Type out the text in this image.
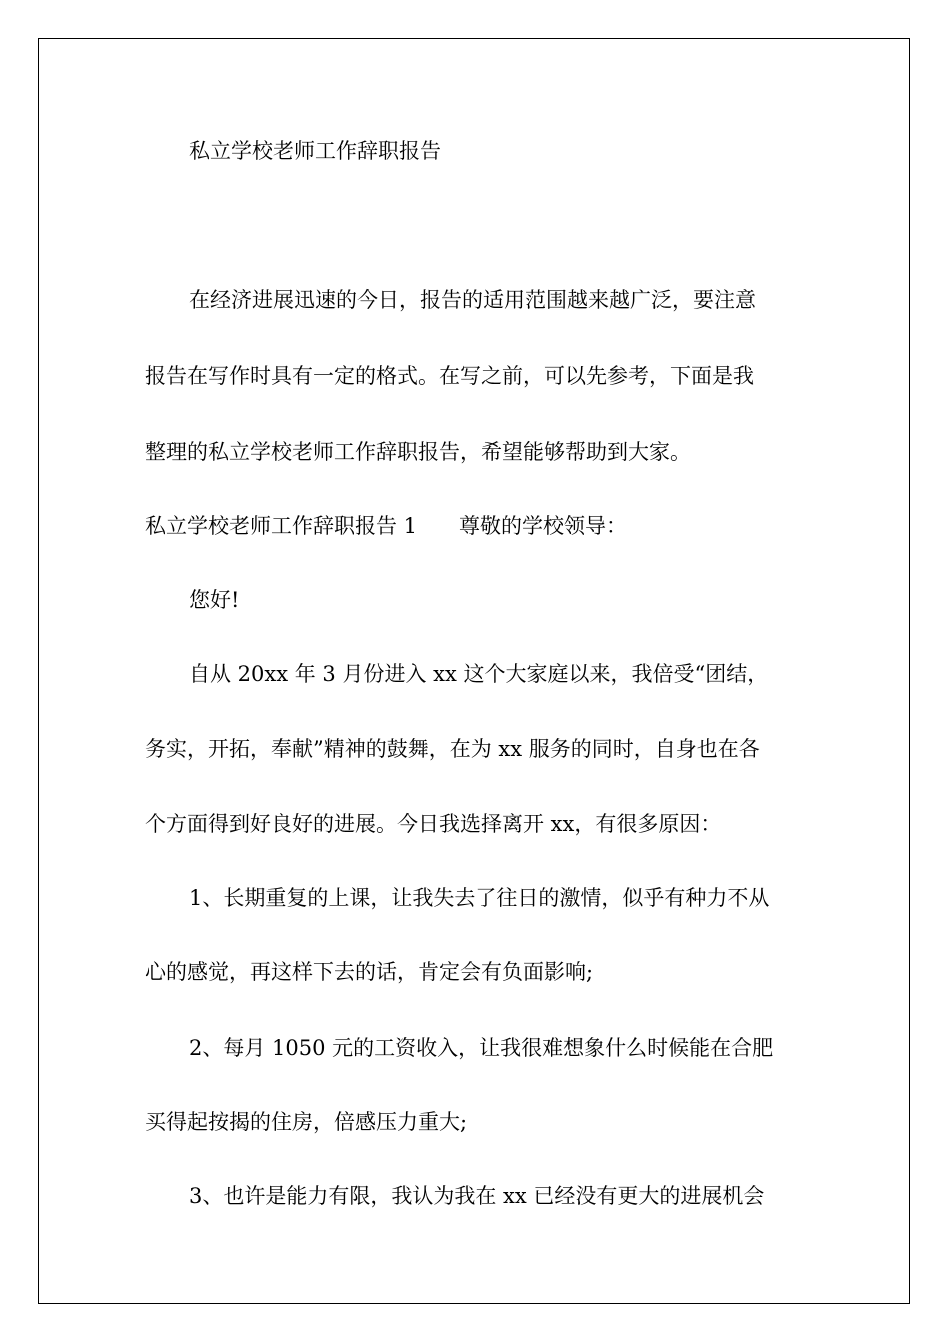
私立学校老师工作辞职报告
在经济进展迅速的今日，报告的适用范围越来越广泛，要注意
报告在写作时具有一定的格式。在写之前，可以先参考，下面是我
整理的私立学校老师工作辞职报告，希望能够帮助到大家。
私立学校老师工作辞职报告 1　　尊敬的学校领导：
您好!
自从 20xx 年 3 月份进入 xx 这个大家庭以来，我倍受“团结，
务实，开拓，奉献”精神的鼓舞，在为 xx 服务的同时，自身也在各
个方面得到好良好的进展。今日我选择离开 xx，有很多原因：
1、长期重复的上课，让我失去了往日的激情，似乎有种力不从
心的感觉，再这样下去的话，肯定会有负面影响;
2、每月 1050 元的工资收入，让我很难想象什么时候能在合肥
买得起按揭的住房，倍感压力重大;
3、也许是能力有限，我认为我在 xx 已经没有更大的进展机会
